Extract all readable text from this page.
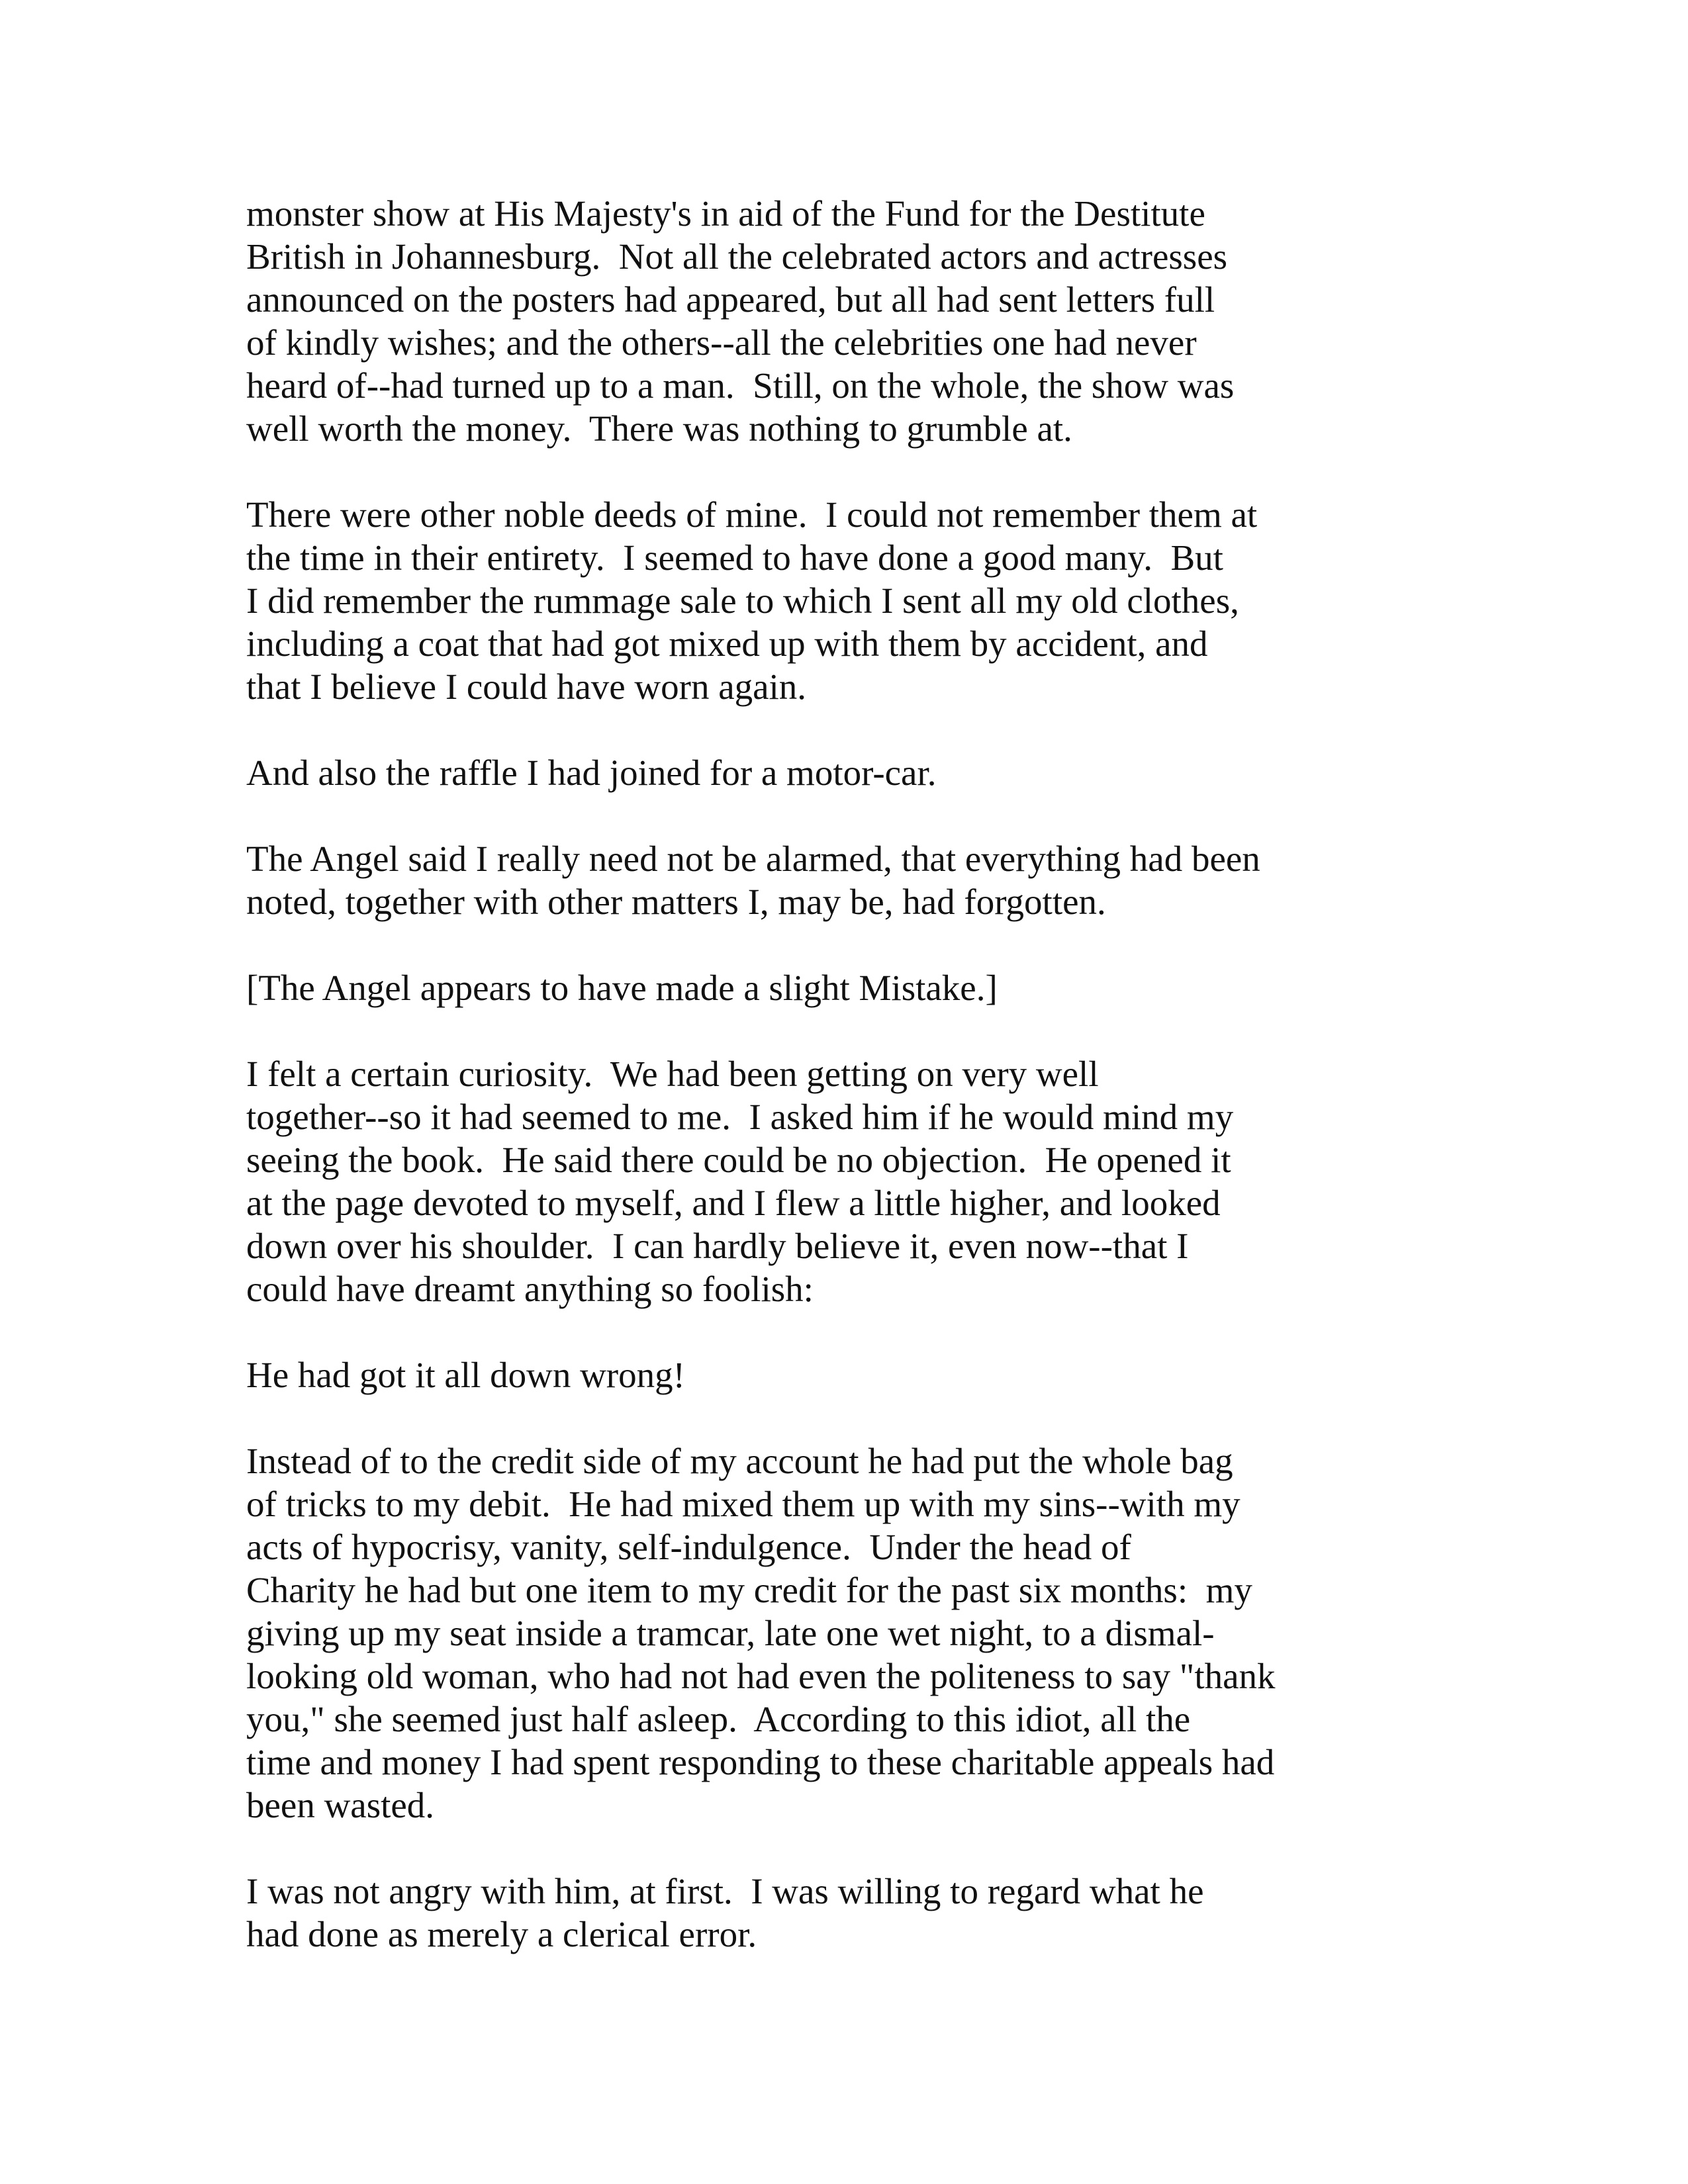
monster show at His Majesty's in aid of the Fund for the Destitute
British in Johannesburg.  Not all the celebrated actors and actresses
announced on the posters had appeared, but all had sent letters full
of kindly wishes; and the others--all the celebrities one had never
heard of--had turned up to a man.  Still, on the whole, the show was
well worth the money.  There was nothing to grumble at.

There were other noble deeds of mine.  I could not remember them at
the time in their entirety.  I seemed to have done a good many.  But
I did remember the rummage sale to which I sent all my old clothes,
including a coat that had got mixed up with them by accident, and
that I believe I could have worn again.

And also the raffle I had joined for a motor-car.

The Angel said I really need not be alarmed, that everything had been
noted, together with other matters I, may be, had forgotten.

[The Angel appears to have made a slight Mistake.]

I felt a certain curiosity.  We had been getting on very well
together--so it had seemed to me.  I asked him if he would mind my
seeing the book.  He said there could be no objection.  He opened it
at the page devoted to myself, and I flew a little higher, and looked
down over his shoulder.  I can hardly believe it, even now--that I
could have dreamt anything so foolish:

He had got it all down wrong!

Instead of to the credit side of my account he had put the whole bag
of tricks to my debit.  He had mixed them up with my sins--with my
acts of hypocrisy, vanity, self-indulgence.  Under the head of
Charity he had but one item to my credit for the past six months:  my
giving up my seat inside a tramcar, late one wet night, to a dismal-
looking old woman, who had not had even the politeness to say "thank
you," she seemed just half asleep.  According to this idiot, all the
time and money I had spent responding to these charitable appeals had
been wasted.

I was not angry with him, at first.  I was willing to regard what he
had done as merely a clerical error.
